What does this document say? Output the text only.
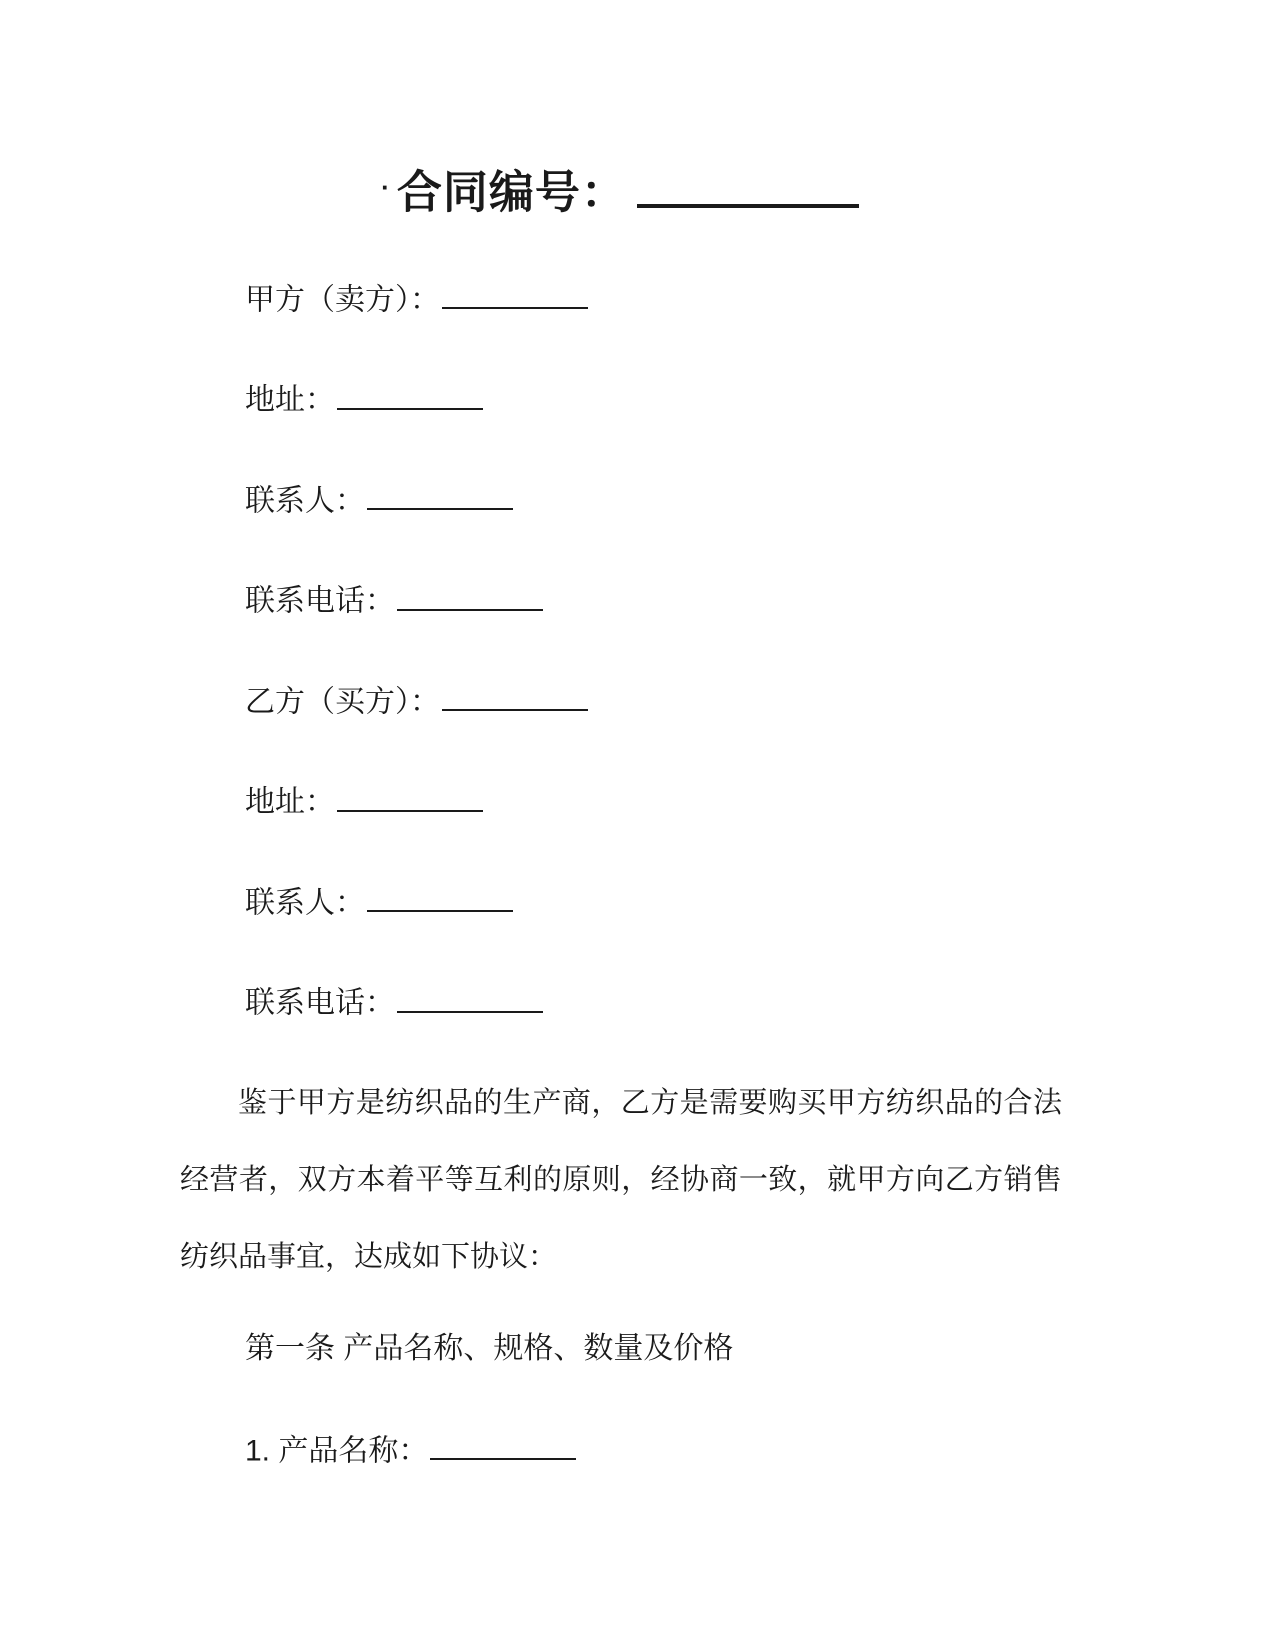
· 合同编号：
甲方（卖方）：
地址：
联系人：
联系电话：
乙方（买方）：
地址：
联系人：
联系电话：

鉴于甲方是纺织品的生产商，乙方是需要购买甲方纺织品的合法经营者，双方本着平等互利的原则，经协商一致，就甲方向乙方销售纺织品事宜，达成如下协议：

第一条 产品名称、规格、数量及价格

1. 产品名称：
